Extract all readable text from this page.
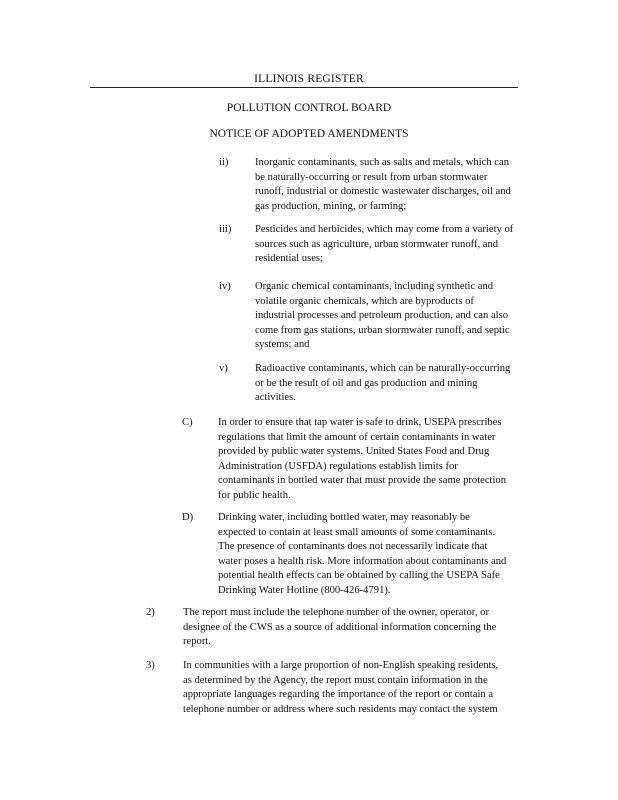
ILLINOIS REGISTER
POLLUTION CONTROL BOARD
NOTICE OF ADOPTED AMENDMENTS
ii)	Inorganic contaminants, such as salts and metals, which can
be naturally-occurring or result from urban stormwater
runoff, industrial or domestic wastewater discharges, oil and
gas production, mining, or farming;
iii) Pesticides and herbicides, which may come from a variety of
sources such as agriculture, urban stormwater runoff, and
residential uses;
iv) Organic chemical contaminants, including synthetic and
volatile organic chemicals, which are byproducts of
industrial processes and petroleum production, and can also
come from gas stations, urban stormwater runoff, and septic
systems; and
v)	Radioactive contaminants, which can be naturally-occurring
or be the result of oil and gas production and mining
activities.
C) In order to ensure that tap water is safe to drink, USEPA prescribes
regulations that limit the amount of certain contaminants in water
provided by public water systems. United States Food and Drug
Administration (USFDA) regulations establish limits for
contaminants in bottled water that must provide the same protection
for public health.
D) Drinking water, including bottled water, may reasonably be
expected to contain at least small amounts of some contaminants.
The presence of contaminants does not necessarily indicate that
water poses a health risk. More information about contaminants and
potential health effects can be obtained by calling the USEPA Safe
Drinking Water Hotline (800-426-4791).
2)	The report must include the telephone number of the owner, operator, or
designee of the CWS as a source of additional information concerning the
report.
3)	In communities with a large proportion of non-English speaking residents,
as determined by the Agency, the report must contain information in the
appropriate languages regarding the importance of the report or contain a
telephone number or address where such residents may contact the system
